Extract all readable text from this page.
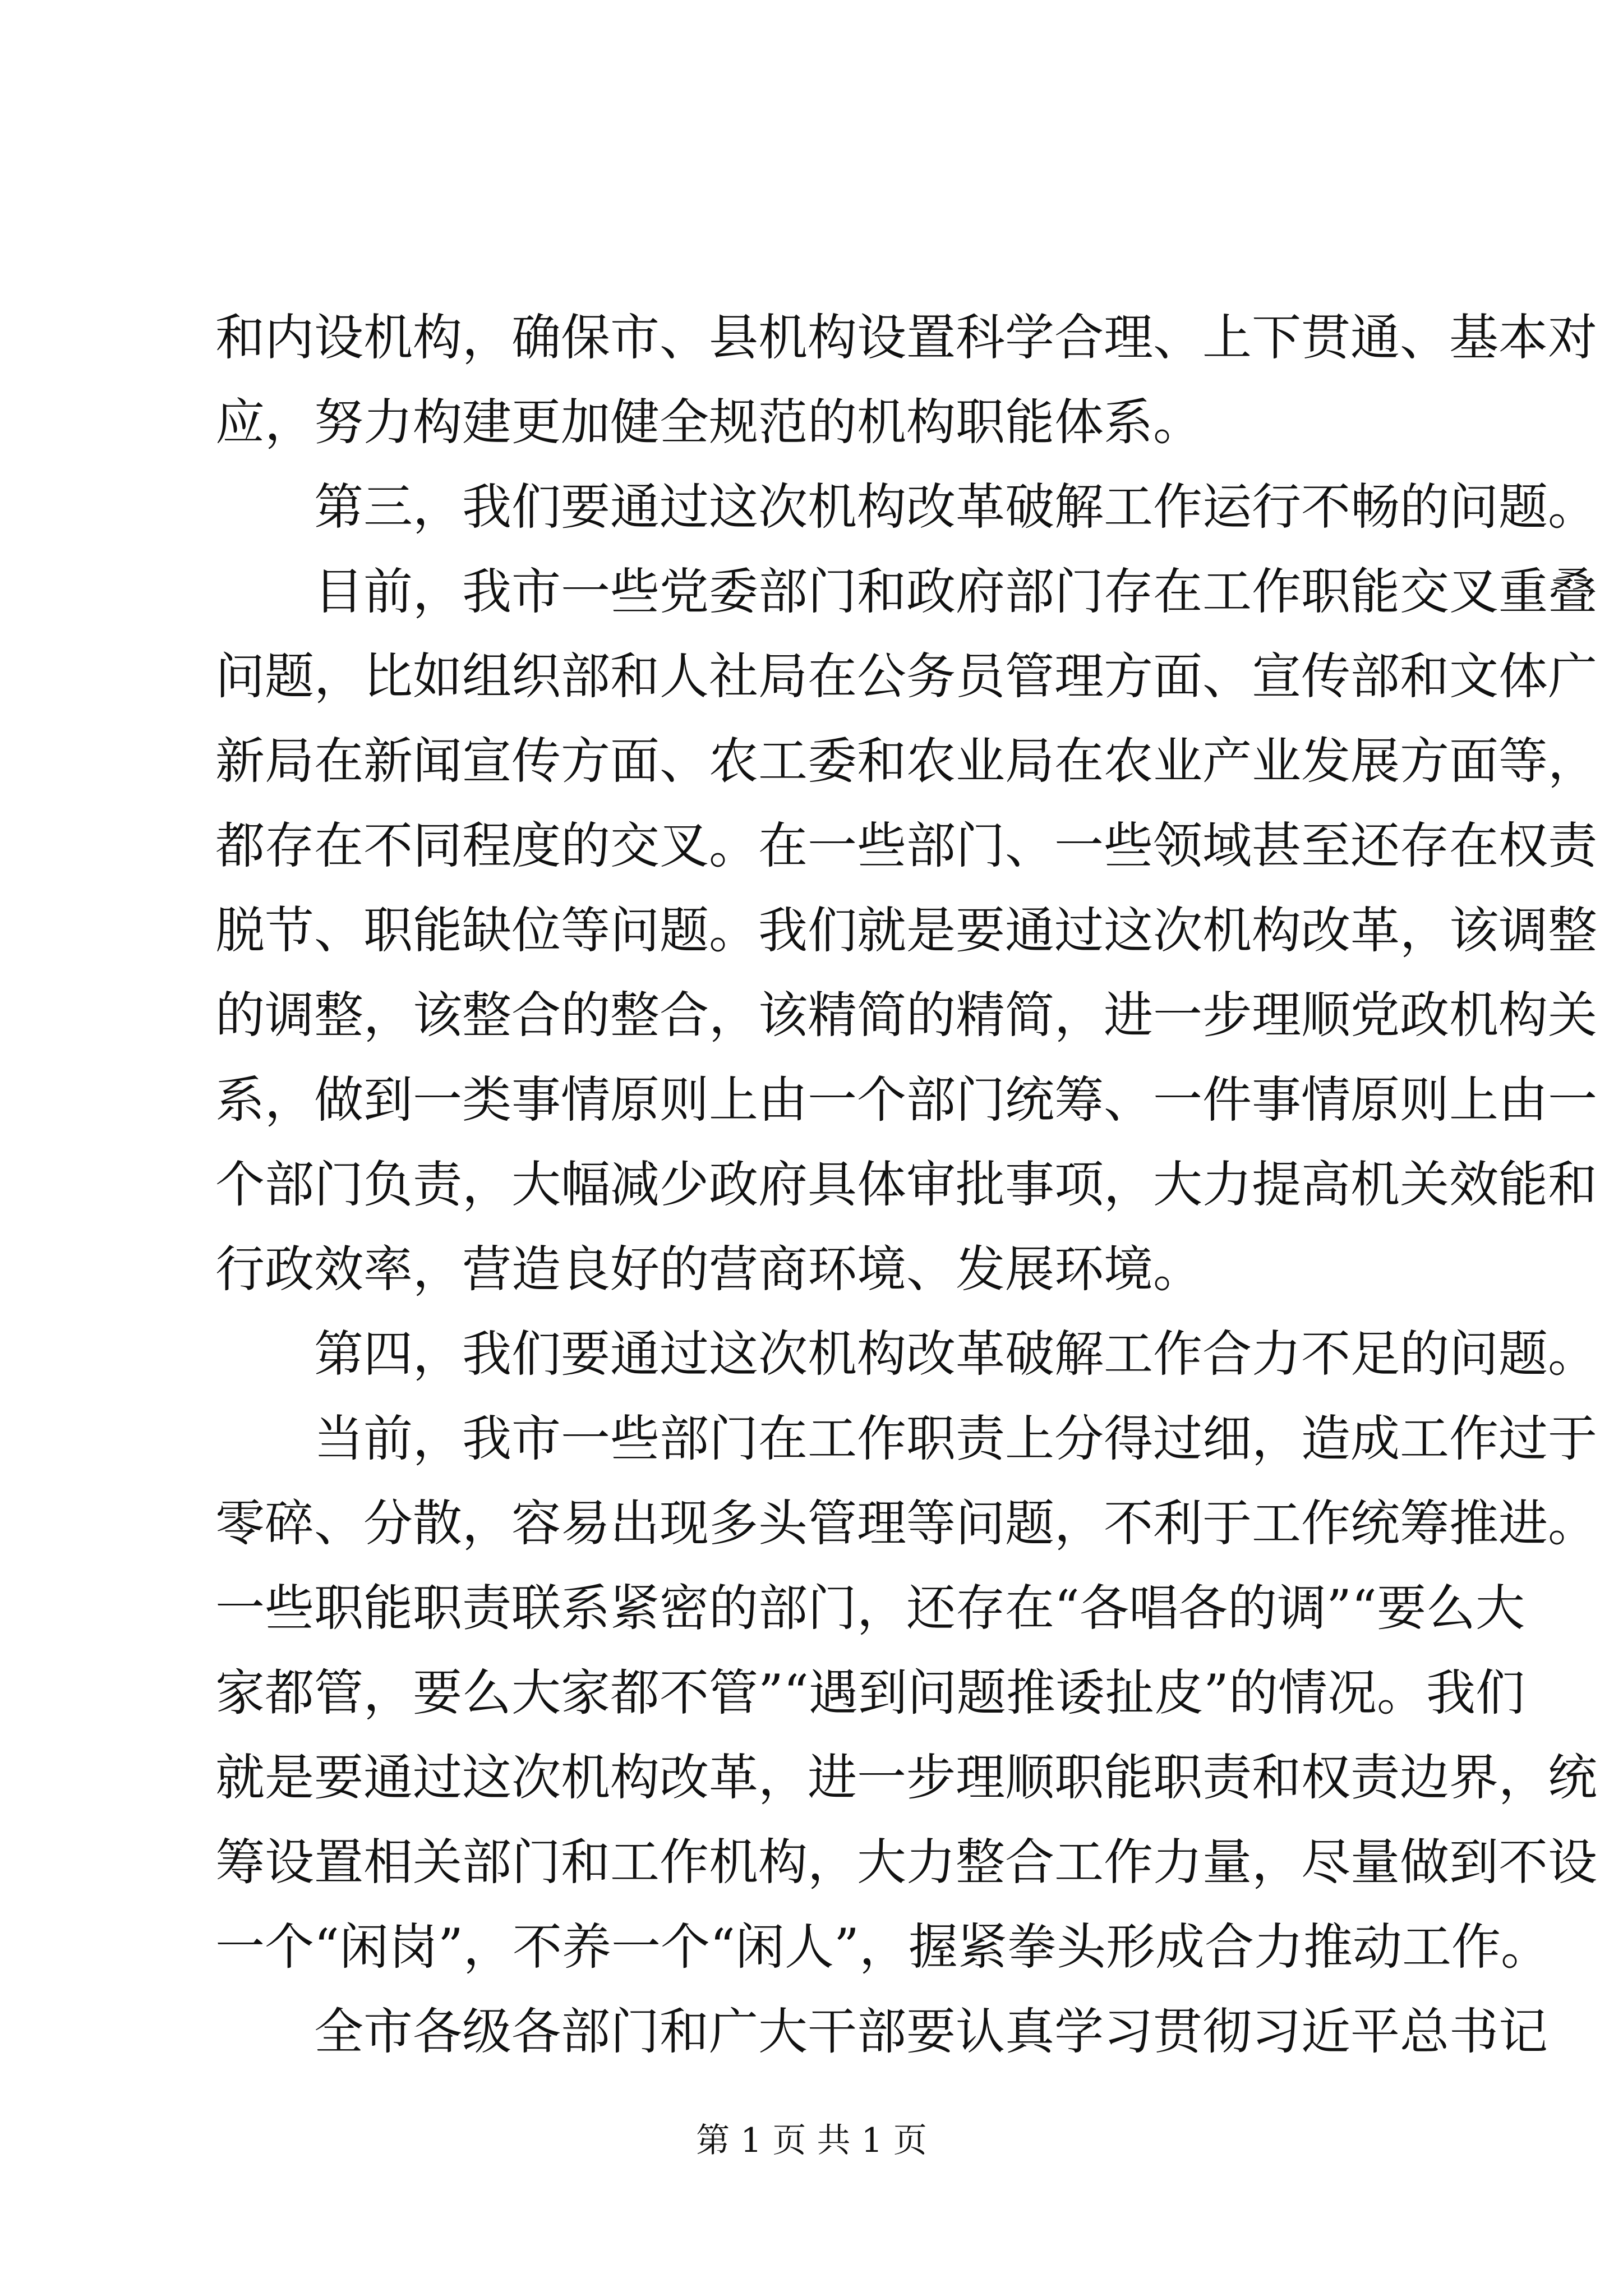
和内设机构，确保市、县机构设置科学合理、上下贯通、基本对
应，努力构建更加健全规范的机构职能体系。
第三，我们要通过这次机构改革破解工作运行不畅的问题。
目前，我市一些党委部门和政府部门存在工作职能交叉重叠
问题，比如组织部和人社局在公务员管理方面、宣传部和文体广
新局在新闻宣传方面、农工委和农业局在农业产业发展方面等，
都存在不同程度的交叉。在一些部门、一些领域甚至还存在权责
脱节、职能缺位等问题。我们就是要通过这次机构改革，该调整
的调整，该整合的整合，该精简的精简，进一步理顺党政机构关
系，做到一类事情原则上由一个部门统筹、一件事情原则上由一
个部门负责，大幅减少政府具体审批事项，大力提高机关效能和
行政效率，营造良好的营商环境、发展环境。
第四，我们要通过这次机构改革破解工作合力不足的问题。
当前，我市一些部门在工作职责上分得过细，造成工作过于
零碎、分散，容易出现多头管理等问题，不利于工作统筹推进。
一些职能职责联系紧密的部门，还存在“各唱各的调”“要么大
家都管，要么大家都不管”“遇到问题推诿扯皮”的情况。我们
就是要通过这次机构改革，进一步理顺职能职责和权责边界，统
筹设置相关部门和工作机构，大力整合工作力量，尽量做到不设
一个“闲岗”，不养一个“闲人”，握紧拳头形成合力推动工作。
全市各级各部门和广大干部要认真学习贯彻习近平总书记
第 1 页 共 1 页
